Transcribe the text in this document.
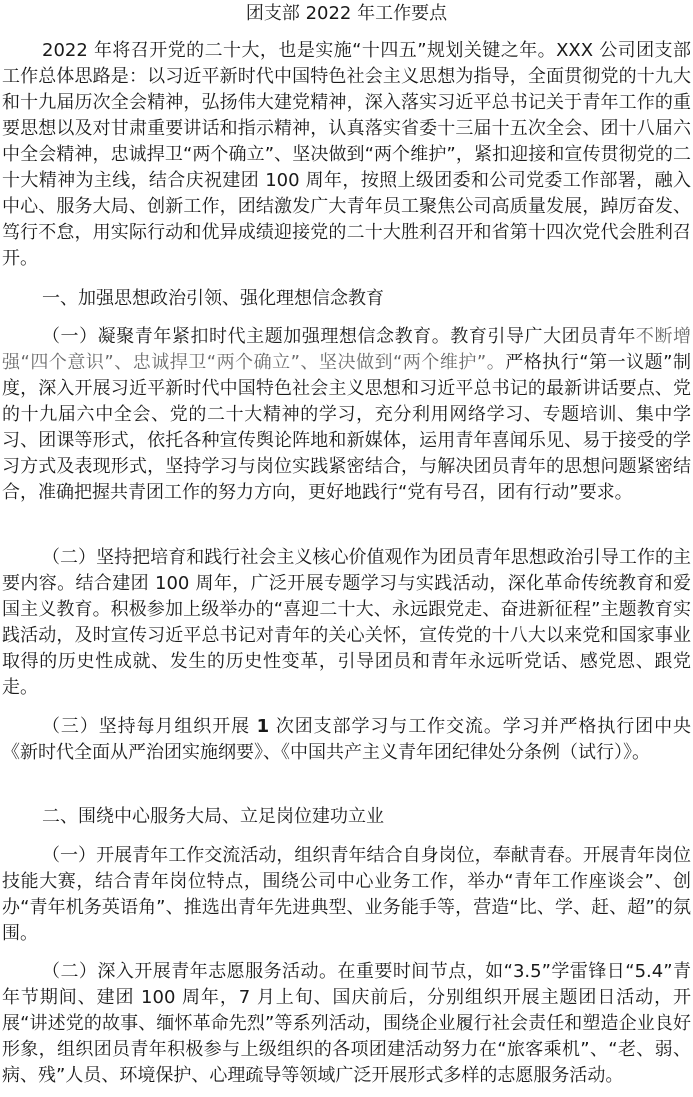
团支部 2022 年工作要点

2022 年将召开党的二十大，也是实施“十四五”规划关键之年。XXX 公司团支部工作总体思路是：以习近平新时代中国特色社会主义思想为指导，全面贯彻党的十九大和十九届历次全会精神，弘扬伟大建党精神，深入落实习近平总书记关于青年工作的重要思想以及对甘肃重要讲话和指示精神，认真落实省委十三届十五次全会、团十八届六中全会精神，忠诚捍卫“两个确立”、坚决做到“两个维护”，紧扣迎接和宣传贯彻党的二十大精神为主线，结合庆祝建团 100 周年，按照上级团委和公司党委工作部署，融入中心、服务大局、创新工作，团结激发广大青年员工聚焦公司高质量发展，踔厉奋发、笃行不怠，用实际行动和优异成绩迎接党的二十大胜利召开和省第十四次党代会胜利召开。

一、加强思想政治引领、强化理想信念教育

（一）凝聚青年紧扣时代主题加强理想信念教育。教育引导广大团员青年不断增强“四个意识”、忠诚捍卫“两个确立”、坚决做到“两个维护”。严格执行“第一议题”制度，深入开展习近平新时代中国特色社会主义思想和习近平总书记的最新讲话要点、党的十九届六中全会、党的二十大精神的学习，充分利用网络学习、专题培训、集中学习、团课等形式，依托各种宣传舆论阵地和新媒体，运用青年喜闻乐见、易于接受的学习方式及表现形式，坚持学习与岗位实践紧密结合，与解决团员青年的思想问题紧密结合，准确把握共青团工作的努力方向，更好地践行“党有号召，团有行动”要求。

（二）坚持把培育和践行社会主义核心价值观作为团员青年思想政治引导工作的主要内容。结合建团 100 周年，广泛开展专题学习与实践活动，深化革命传统教育和爱国主义教育。积极参加上级举办的“喜迎二十大、永远跟党走、奋进新征程”主题教育实践活动，及时宣传习近平总书记对青年的关心关怀，宣传党的十八大以来党和国家事业取得的历史性成就、发生的历史性变革，引导团员和青年永远听党话、感党恩、跟党走。

（三）坚持每月组织开展 1 次团支部学习与工作交流。学习并严格执行团中央《新时代全面从严治团实施纲要》、《中国共产主义青年团纪律处分条例（试行）》。

二、围绕中心服务大局、立足岗位建功立业

（一）开展青年工作交流活动，组织青年结合自身岗位，奉献青春。开展青年岗位技能大赛，结合青年岗位特点，围绕公司中心业务工作，举办“青年工作座谈会”、创办“青年机务英语角”、推选出青年先进典型、业务能手等，营造“比、学、赶、超”的氛围。

（二）深入开展青年志愿服务活动。在重要时间节点，如“3.5”学雷锋日“5.4”青年节期间、建团 100 周年，7 月上旬、国庆前后，分别组织开展主题团日活动，开展“讲述党的故事、缅怀革命先烈”等系列活动，围绕企业履行社会责任和塑造企业良好形象，组织团员青年积极参与上级组织的各项团建活动努力在“旅客乘机”、“老、弱、病、残”人员、环境保护、心理疏导等领域广泛开展形式多样的志愿服务活动。
